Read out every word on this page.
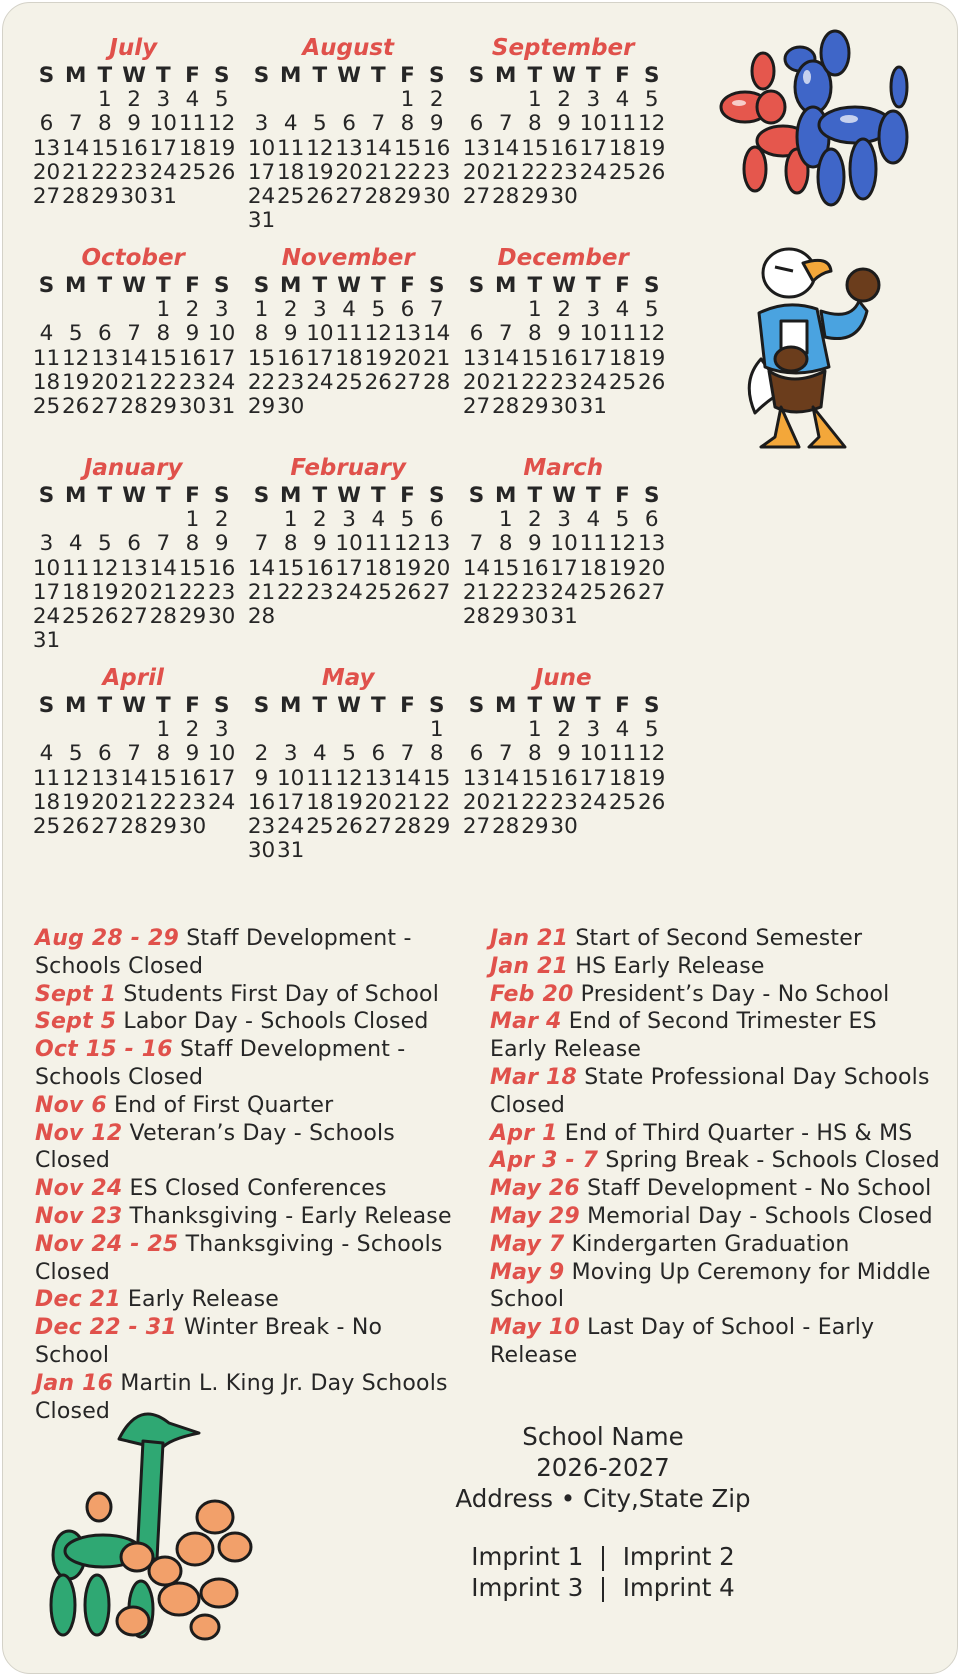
July
S M T W T F S
1 2 3 4 5
6 7 8 9 10 11 12
13 14 15 16 17 18 19
20 21 22 23 24 25 26
27 28 29 30 31
August
S M T W T F S
1 2
3 4 5 6 7 8 9
10 11 12 13 14 15 16
17 18 19 20 21 22 23
24 25 26 27 28 29 30
31
September
S M T W T F S
1 2 3 4 5
6 7 8 9 10 11 12
13 14 15 16 17 18 19
20 21 22 23 24 25 26
27 28 29 30
October
S M T W T F S
1 2 3
4 5 6 7 8 9 10
11 12 13 14 15 16 17
18 19 20 21 22 23 24
25 26 27 28 29 30 31
November
S M T W T F S
1 2 3 4 5 6 7
8 9 10 11 12 13 14
15 16 17 18 19 20 21
22 23 24 25 26 27 28
29 30
December
S M T W T F S
1 2 3 4 5
6 7 8 9 10 11 12
13 14 15 16 17 18 19
20 21 22 23 24 25 26
27 28 29 30 31
January
S M T W T F S
1 2
3 4 5 6 7 8 9
10 11 12 13 14 15 16
17 18 19 20 21 22 23
24 25 26 27 28 29 30
31
February
S M T W T F S
1 2 3 4 5 6
7 8 9 10 11 12 13
14 15 16 17 18 19 20
21 22 23 24 25 26 27
28
March
S M T W T F S
1 2 3 4 5 6
7 8 9 10 11 12 13
14 15 16 17 18 19 20
21 22 23 24 25 26 27
28 29 30 31
April
S M T W T F S
1 2 3
4 5 6 7 8 9 10
11 12 13 14 15 16 17
18 19 20 21 22 23 24
25 26 27 28 29 30
May
S M T W T F S
1
2 3 4 5 6 7 8
9 10 11 12 13 14 15
16 17 18 19 20 21 22
23 24 25 26 27 28 29
30 31
June
S M T W T F S
1 2 3 4 5
6 7 8 9 10 11 12
13 14 15 16 17 18 19
20 21 22 23 24 25 26
27 28 29 30
Aug 28 - 29 Staff Development - Schools Closed
Sept 1 Students First Day of School
Sept 5 Labor Day - Schools Closed
Oct 15 - 16 Staff Development - Schools Closed
Nov 6 End of First Quarter
Nov 12 Veteran’s Day - Schools Closed
Nov 24 ES Closed Conferences
Nov 23 Thanksgiving - Early Release
Nov 24 - 25 Thanksgiving - Schools Closed
Dec 21 Early Release
Dec 22 - 31 Winter Break - No School
Jan 16 Martin L. King Jr. Day Schools Closed
Jan 21 Start of Second Semester
Jan 21 HS Early Release
Feb 20 President’s Day - No School
Mar 4 End of Second Trimester ES Early Release
Mar 18 State Professional Day Schools Closed
Apr 1 End of Third Quarter - HS & MS
Apr 3 - 7 Spring Break - Schools Closed
May 26 Staff Development - No School
May 29 Memorial Day - Schools Closed
May 7 Kindergarten Graduation
May 9 Moving Up Ceremony for Middle School
May 10 Last Day of School - Early Release
School Name
2026-2027
Address • City,State Zip
Imprint 1  |  Imprint 2
Imprint 3  |  Imprint 4
